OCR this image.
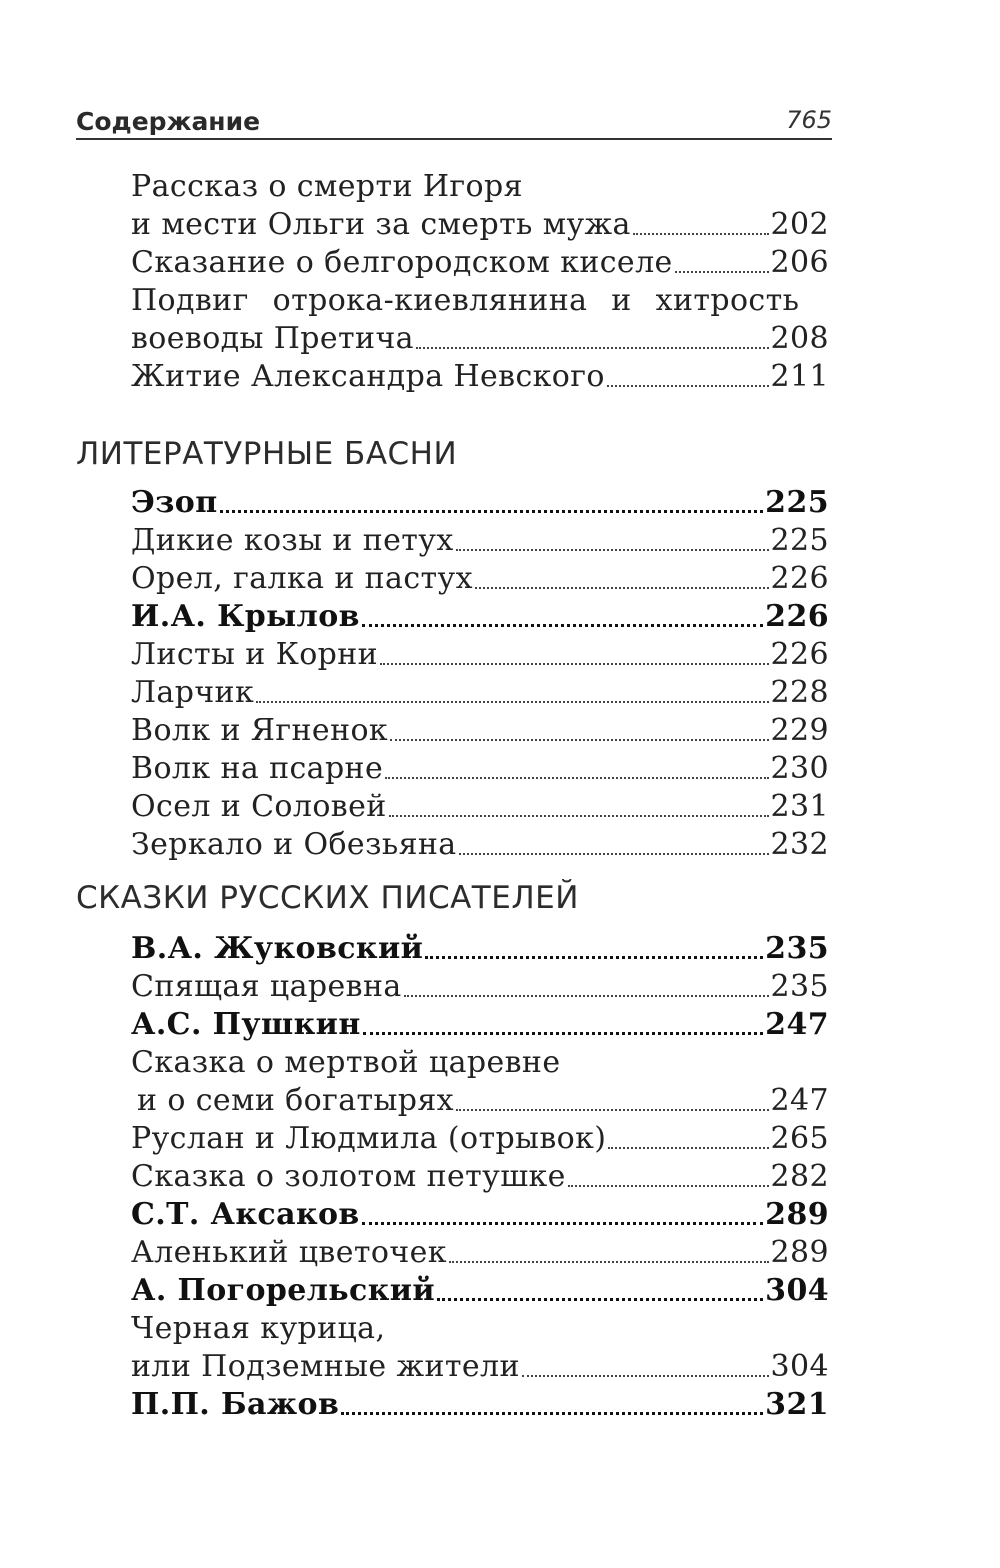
Содержание	765
Рассказ о смерти Игоря
и мести Ольги за смерть мужа	202
Сказание о белгородском киселе	206
Подвиг отрока-киевлянина и хитрость
воеводы Претича	208
Житие Александра Невского	211
ЛИТЕРАТУРНЫЕ БАСНИ
Эзоп	225
Дикие козы и петух	225
Орел, галка и пастух	226
И.А. Крылов	226
Листы и Корни	226
Ларчик	228
Волк и Ягненок	229
Волк на псарне	230
Осел и Соловей	231
Зеркало и Обезьяна	232
СКАЗКИ РУССКИХ ПИСАТЕЛЕЙ
В.А. Жуковский	235
Спящая царевна	235
А.С. Пушкин	247
Сказка о мертвой царевне
и о семи богатырях	247
Руслан и Людмила (отрывок)	265
Сказка о золотом петушке	282
С.Т. Аксаков	289
Аленький цветочек	289
А. Погорельский	304
Черная курица,
или Подземные жители	304
П.П. Бажов	321
